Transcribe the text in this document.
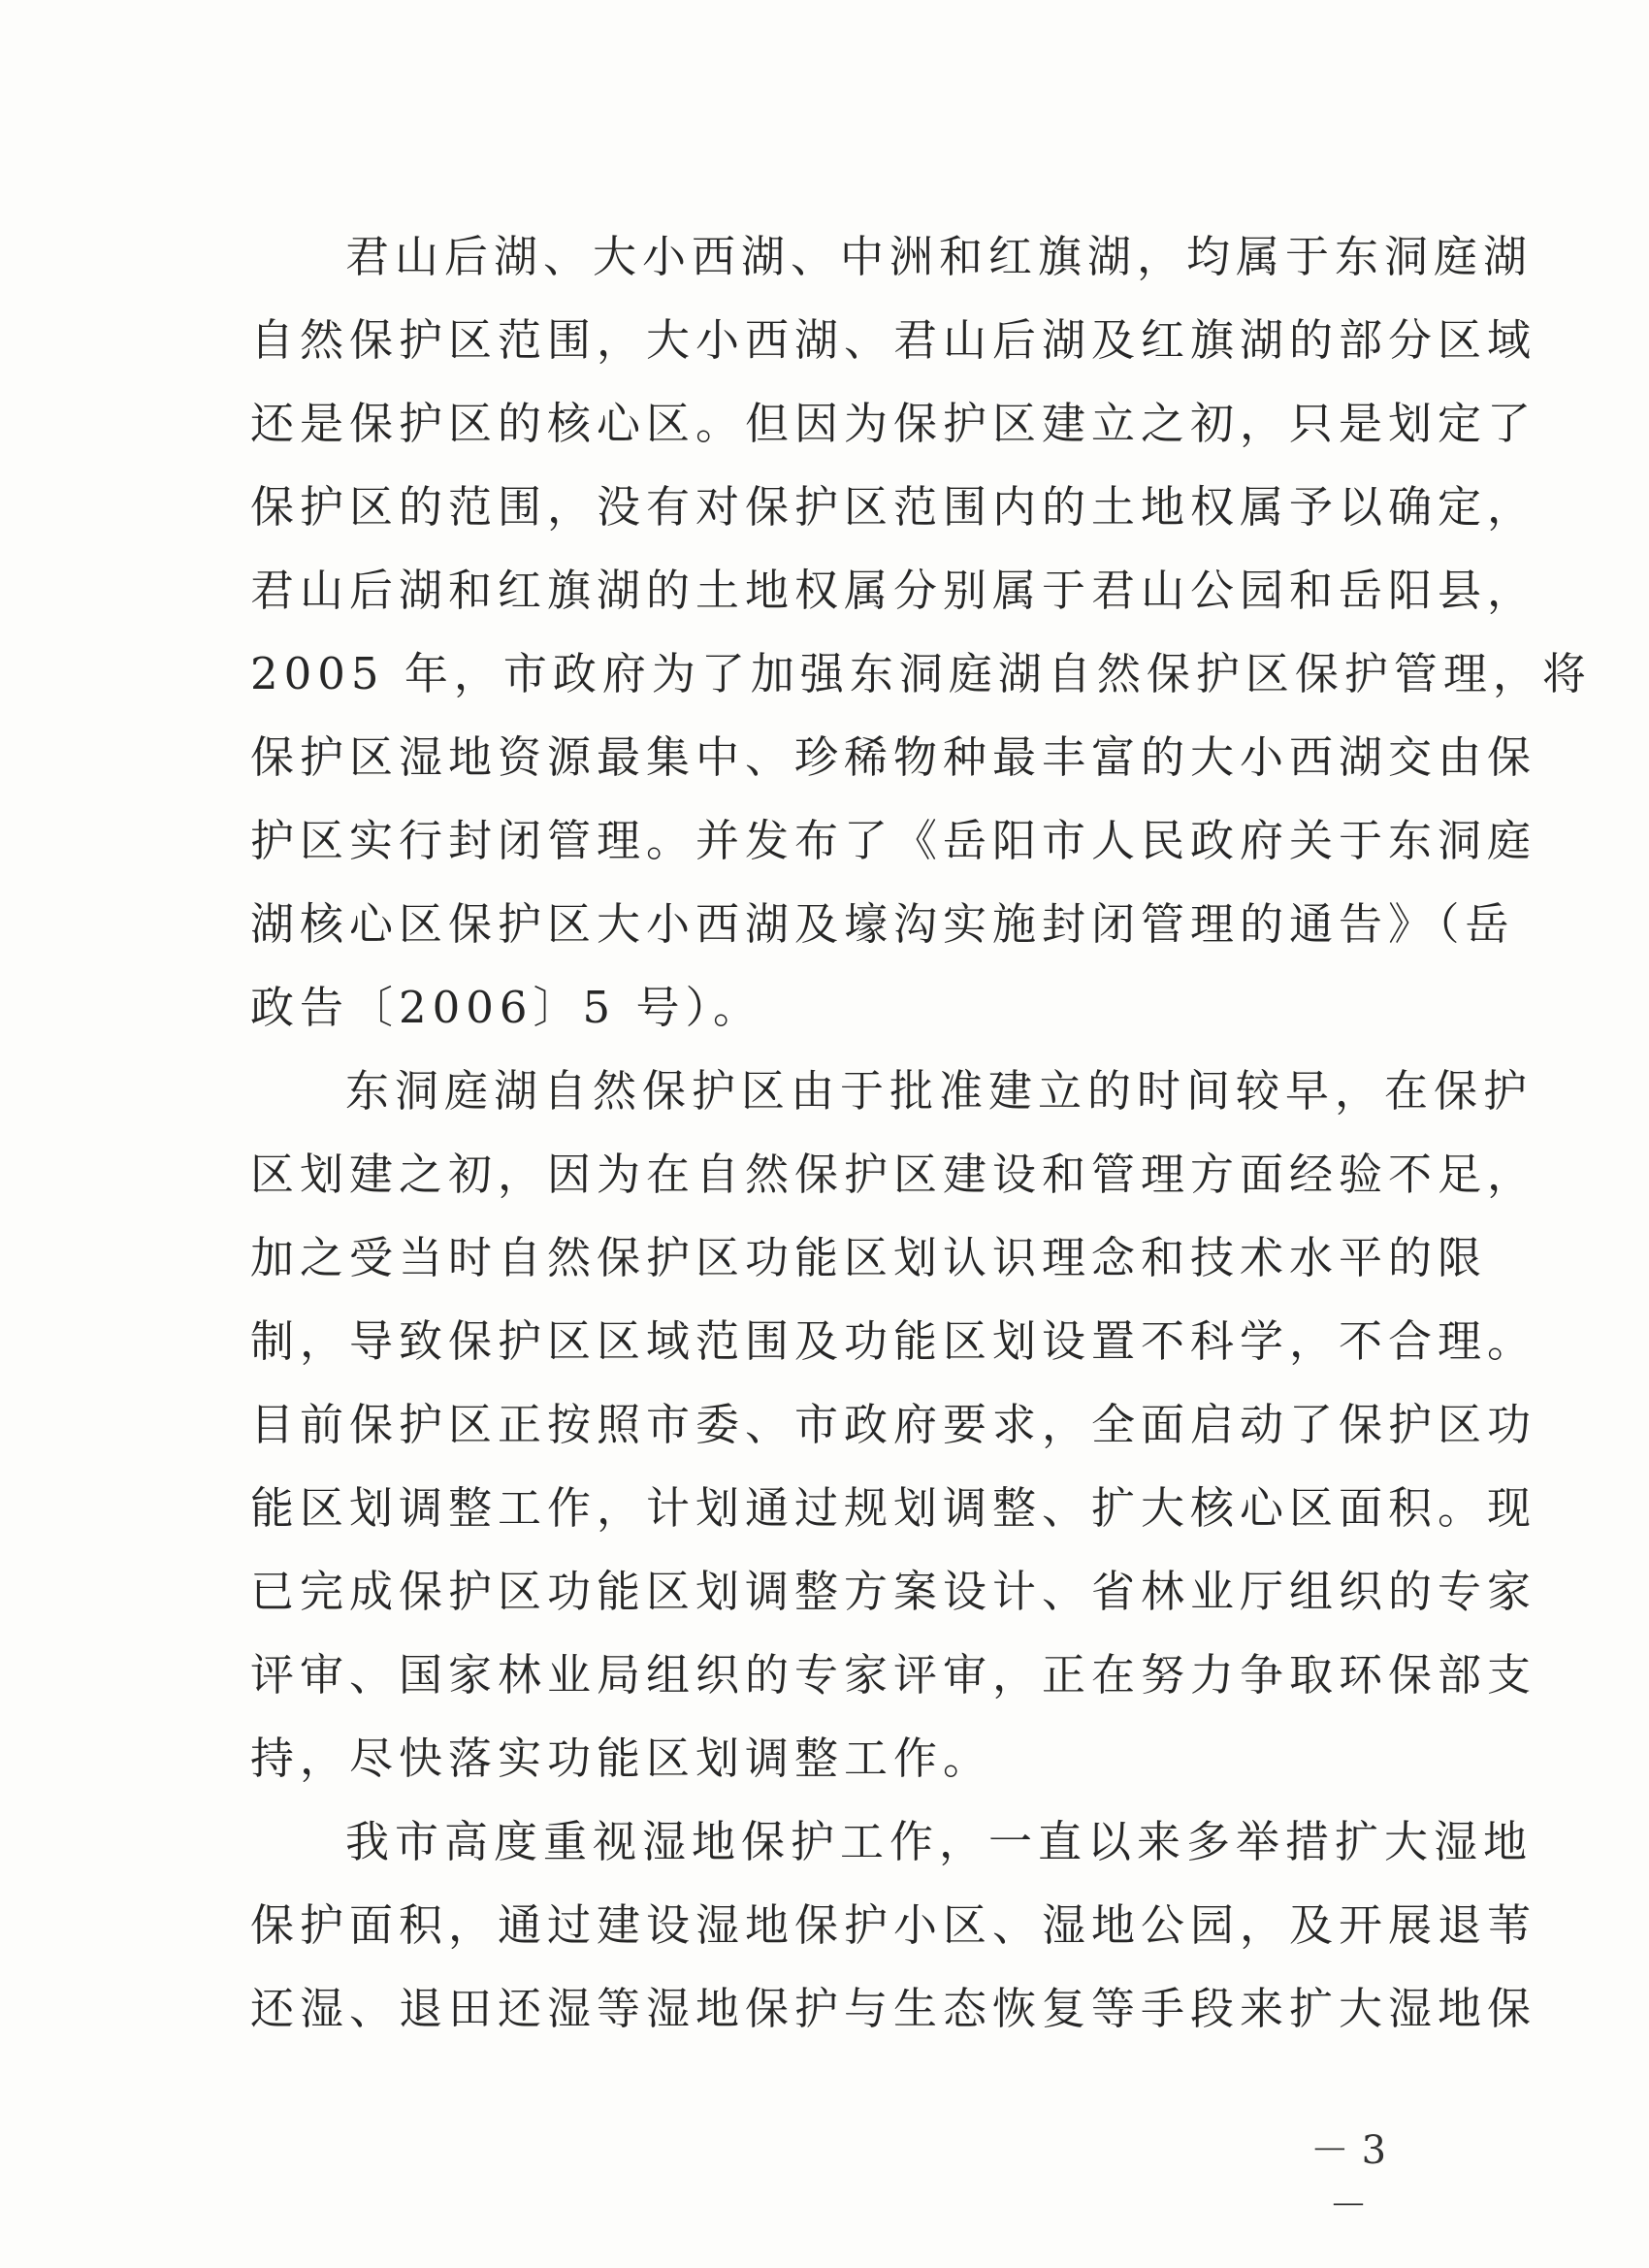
君山后湖、大小西湖、中洲和红旗湖，均属于东洞庭湖
自然保护区范围，大小西湖、君山后湖及红旗湖的部分区域
还是保护区的核心区。但因为保护区建立之初，只是划定了
保护区的范围，没有对保护区范围内的土地权属予以确定，
君山后湖和红旗湖的土地权属分别属于君山公园和岳阳县，
2005 年，市政府为了加强东洞庭湖自然保护区保护管理，将
保护区湿地资源最集中、珍稀物种最丰富的大小西湖交由保
护区实行封闭管理。并发布了《岳阳市人民政府关于东洞庭
湖核心区保护区大小西湖及壕沟实施封闭管理的通告》（岳
政告〔2006〕5 号）。
东洞庭湖自然保护区由于批准建立的时间较早，在保护
区划建之初，因为在自然保护区建设和管理方面经验不足，
加之受当时自然保护区功能区划认识理念和技术水平的限
制，导致保护区区域范围及功能区划设置不科学，不合理。
目前保护区正按照市委、市政府要求，全面启动了保护区功
能区划调整工作，计划通过规划调整、扩大核心区面积。现
已完成保护区功能区划调整方案设计、省林业厅组织的专家
评审、国家林业局组织的专家评审，正在努力争取环保部支
持，尽快落实功能区划调整工作。
我市高度重视湿地保护工作，一直以来多举措扩大湿地
保护面积，通过建设湿地保护小区、湿地公园，及开展退苇
还湿、退田还湿等湿地保护与生态恢复等手段来扩大湿地保
－ 3 －
